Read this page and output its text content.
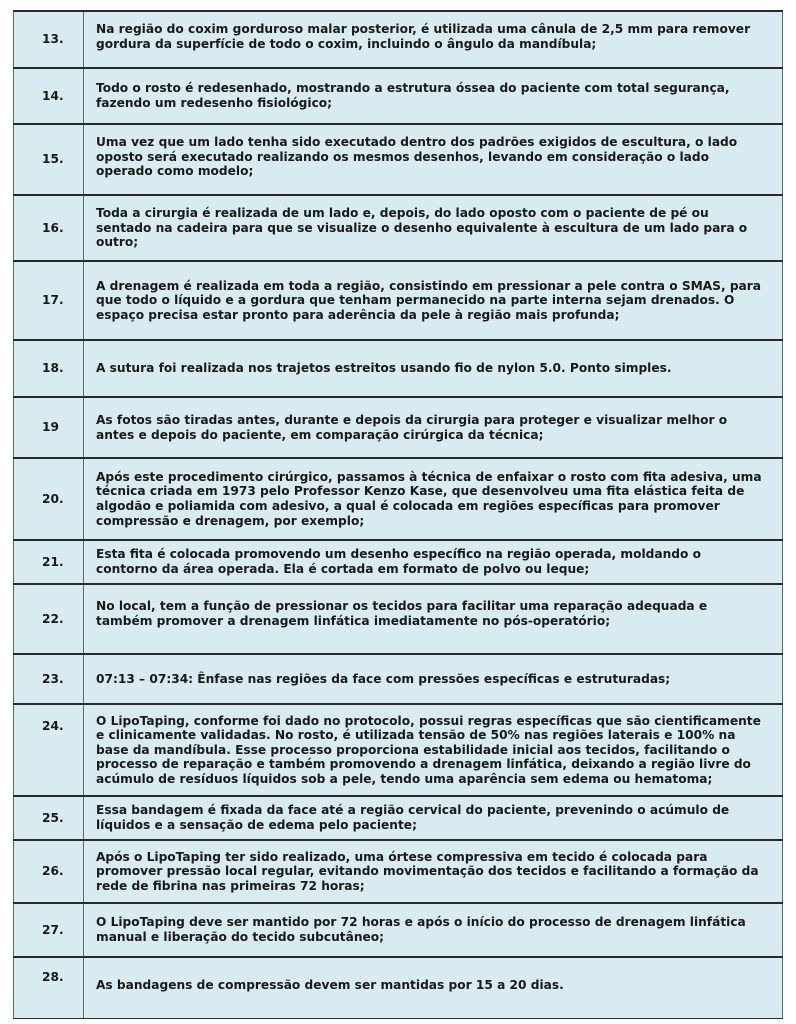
13.	Na região do coxim gorduroso malar posterior, é utilizada uma cânula de 2,5 mm para remover gordura da superfície de todo o coxim, incluindo o ângulo da mandíbula;
14.	Todo o rosto é redesenhado, mostrando a estrutura óssea do paciente com total segurança, fazendo um redesenho fisiológico;
15.	Uma vez que um lado tenha sido executado dentro dos padrões exigidos de escultura, o lado oposto será executado realizando os mesmos desenhos, levando em consideração o lado operado como modelo;
16.	Toda a cirurgia é realizada de um lado e, depois, do lado oposto com o paciente de pé ou sentado na cadeira para que se visualize o desenho equivalente à escultura de um lado para o outro;
17.	A drenagem é realizada em toda a região, consistindo em pressionar a pele contra o SMAS, para que todo o líquido e a gordura que tenham permanecido na parte interna sejam drenados. O espaço precisa estar pronto para aderência da pele à região mais profunda;
18.	A sutura foi realizada nos trajetos estreitos usando fio de nylon 5.0. Ponto simples.
19	As fotos são tiradas antes, durante e depois da cirurgia para proteger e visualizar melhor o antes e depois do paciente, em comparação cirúrgica da técnica;
20.	Após este procedimento cirúrgico, passamos à técnica de enfaixar o rosto com fita adesiva, uma técnica criada em 1973 pelo Professor Kenzo Kase, que desenvolveu uma fita elástica feita de algodão e poliamida com adesivo, a qual é colocada em regiões específicas para promover compressão e drenagem, por exemplo;
21.	Esta fita é colocada promovendo um desenho específico na região operada, moldando o contorno da área operada. Ela é cortada em formato de polvo ou leque;
22.	No local, tem a função de pressionar os tecidos para facilitar uma reparação adequada e também promover a drenagem linfática imediatamente no pós-operatório;
23.	07:13 – 07:34: Ênfase nas regiões da face com pressões específicas e estruturadas;
24.	O LipoTaping, conforme foi dado no protocolo, possui regras específicas que são cientificamente e clinicamente validadas. No rosto, é utilizada tensão de 50% nas regiões laterais e 100% na base da mandíbula. Esse processo proporciona estabilidade inicial aos tecidos, facilitando o processo de reparação e também promovendo a drenagem linfática, deixando a região livre do acúmulo de resíduos líquidos sob a pele, tendo uma aparência sem edema ou hematoma;
25.	Essa bandagem é fixada da face até a região cervical do paciente, prevenindo o acúmulo de líquidos e a sensação de edema pelo paciente;
26.	Após o LipoTaping ter sido realizado, uma órtese compressiva em tecido é colocada para promover pressão local regular, evitando movimentação dos tecidos e facilitando a formação da rede de fibrina nas primeiras 72 horas;
27.	O LipoTaping deve ser mantido por 72 horas e após o início do processo de drenagem linfática manual e liberação do tecido subcutâneo;
28.	As bandagens de compressão devem ser mantidas por 15 a 20 dias.
